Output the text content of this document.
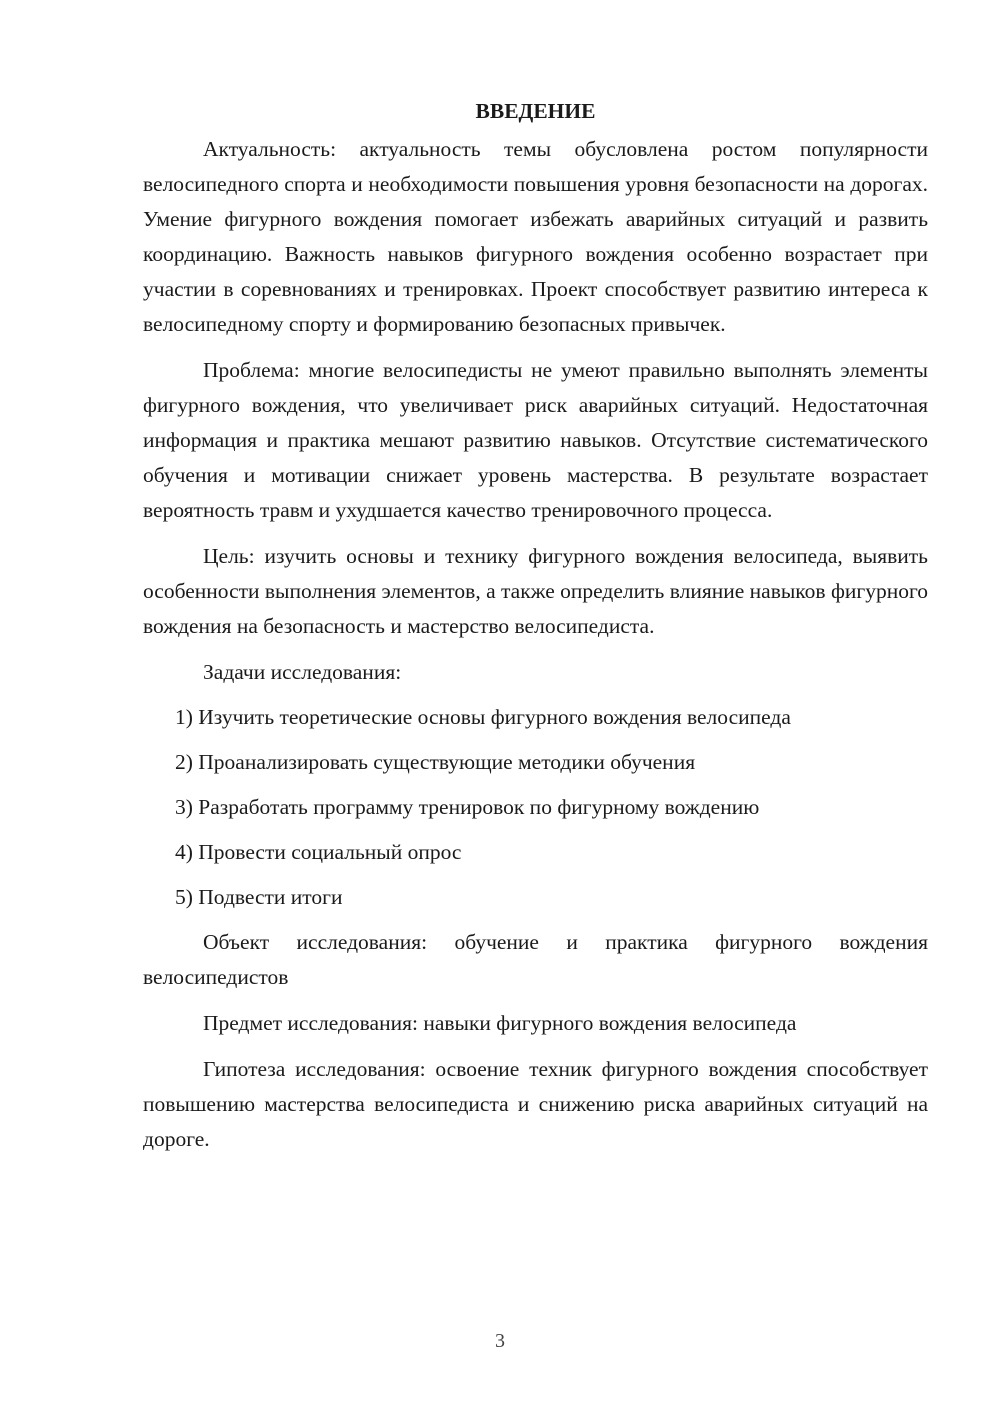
ВВЕДЕНИЕ

Актуальность: актуальность темы обусловлена ростом популярности велосипедного спорта и необходимости повышения уровня безопасности на дорогах. Умение фигурного вождения помогает избежать аварийных ситуаций и развить координацию. Важность навыков фигурного вождения особенно возрастает при участии в соревнованиях и тренировках. Проект способствует развитию интереса к велосипедному спорту и формированию безопасных привычек.

Проблема: многие велосипедисты не умеют правильно выполнять элементы фигурного вождения, что увеличивает риск аварийных ситуаций. Недостаточная информация и практика мешают развитию навыков. Отсутствие систематического обучения и мотивации снижает уровень мастерства. В результате возрастает вероятность травм и ухудшается качество тренировочного процесса.

Цель: изучить основы и технику фигурного вождения велосипеда, выявить особенности выполнения элементов, а также определить влияние навыков фигурного вождения на безопасность и мастерство велосипедиста.

Задачи исследования:
1) Изучить теоретические основы фигурного вождения велосипеда
2) Проанализировать существующие методики обучения
3) Разработать программу тренировок по фигурному вождению
4) Провести социальный опрос
5) Подвести итоги

Объект исследования: обучение и практика фигурного вождения велосипедистов

Предмет исследования: навыки фигурного вождения велосипеда

Гипотеза исследования: освоение техник фигурного вождения способствует повышению мастерства велосипедиста и снижению риска аварийных ситуаций на дороге.

3
